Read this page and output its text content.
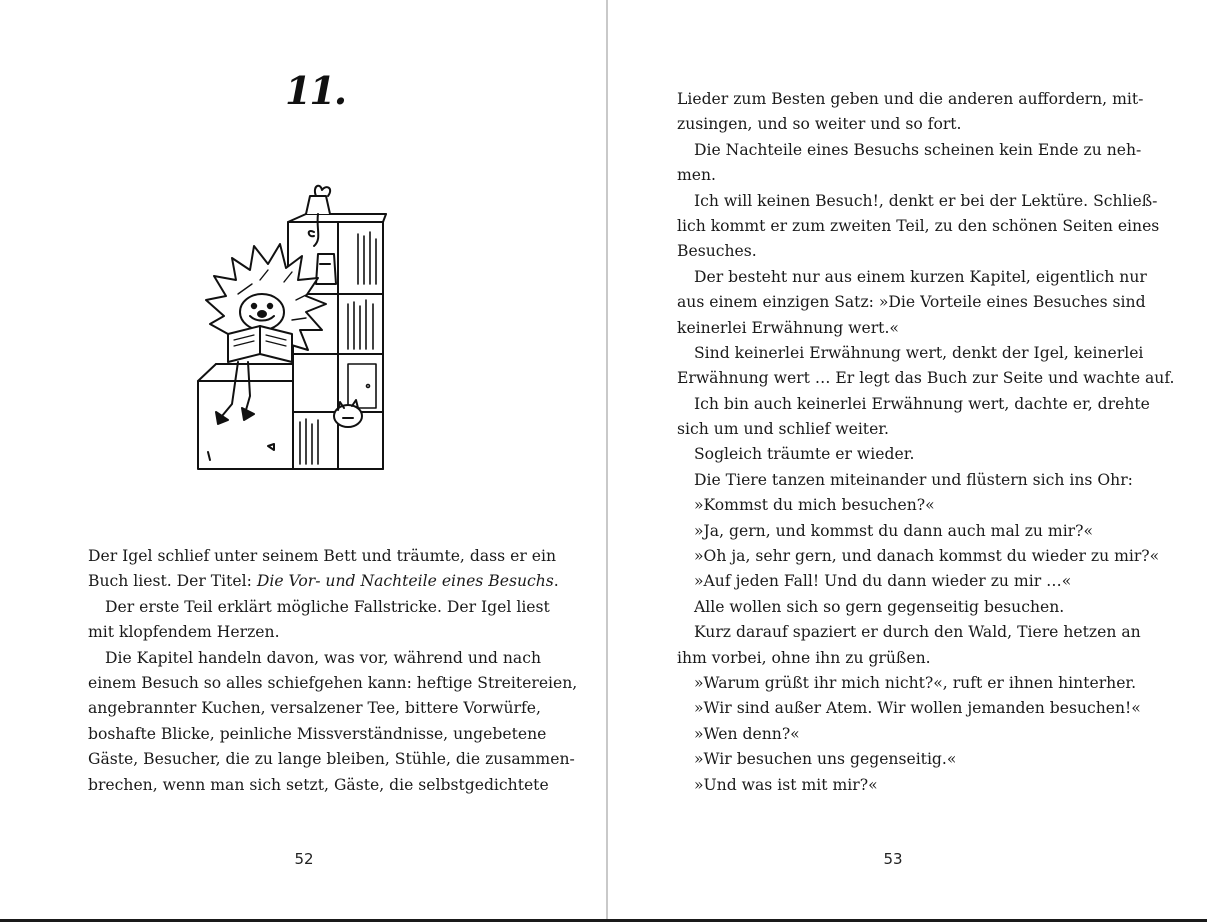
11.
Der Igel schlief unter seinem Bett und träumte, dass er ein
Buch liest. Der Titel: Die Vor- und Nachteile eines Besuchs.
Der erste Teil erklärt mögliche Fallstricke. Der Igel liest
mit klopfendem Herzen.
Die Kapitel handeln davon, was vor, während und nach
einem Besuch so alles schiefgehen kann: heftige Streitereien,
angebrannter Kuchen, versalzener Tee, bittere Vorwürfe,
boshafte Blicke, peinliche Missverständnisse, ungebetene
Gäste, Besucher, die zu lange bleiben, Stühle, die zusammen-
brechen, wenn man sich setzt, Gäste, die selbstgedichtete
52
Lieder zum Besten geben und die anderen auffordern, mit-
zusingen, und so weiter und so fort.
Die Nachteile eines Besuchs scheinen kein Ende zu neh-
men.
Ich will keinen Besuch!, denkt er bei der Lektüre. Schließ-
lich kommt er zum zweiten Teil, zu den schönen Seiten eines
Besuches.
Der besteht nur aus einem kurzen Kapitel, eigentlich nur
aus einem einzigen Satz: »Die Vorteile eines Besuches sind
keinerlei Erwähnung wert.«
Sind keinerlei Erwähnung wert, denkt der Igel, keinerlei
Erwähnung wert … Er legt das Buch zur Seite und wachte auf.
Ich bin auch keinerlei Erwähnung wert, dachte er, drehte
sich um und schlief weiter.
Sogleich träumte er wieder.
Die Tiere tanzen miteinander und flüstern sich ins Ohr:
»Kommst du mich besuchen?«
»Ja, gern, und kommst du dann auch mal zu mir?«
»Oh ja, sehr gern, und danach kommst du wieder zu mir?«
»Auf jeden Fall! Und du dann wieder zu mir …«
Alle wollen sich so gern gegenseitig besuchen.
Kurz darauf spaziert er durch den Wald, Tiere hetzen an
ihm vorbei, ohne ihn zu grüßen.
»Warum grüßt ihr mich nicht?«, ruft er ihnen hinterher.
»Wir sind außer Atem. Wir wollen jemanden besuchen!«
»Wen denn?«
»Wir besuchen uns gegenseitig.«
»Und was ist mit mir?«
53
